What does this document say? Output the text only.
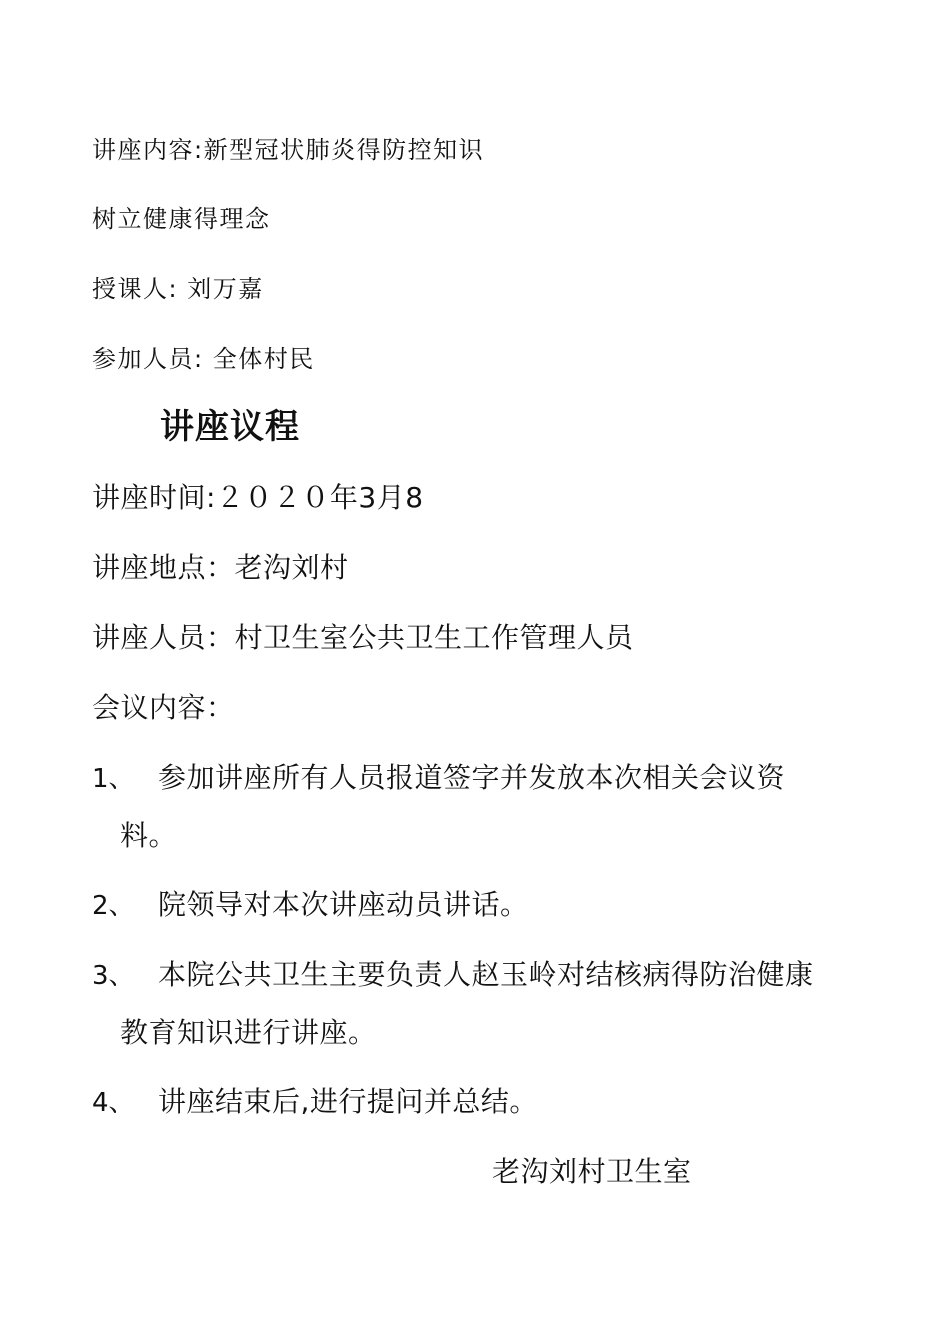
讲座内容:新型冠状肺炎得防控知识
树立健康得理念
授课人: 刘万嘉
参加人员: 全体村民
讲座议程
讲座时间:２０２０年3月8
讲座地点：老沟刘村
讲座人员：村卫生室公共卫生工作管理人员
会议内容：
1、 参加讲座所有人员报道签字并发放本次相关会议资
料。
2、 院领导对本次讲座动员讲话。
3、 本院公共卫生主要负责人赵玉岭对结核病得防治健康
教育知识进行讲座。
4、 讲座结束后,进行提问并总结。
老沟刘村卫生室
